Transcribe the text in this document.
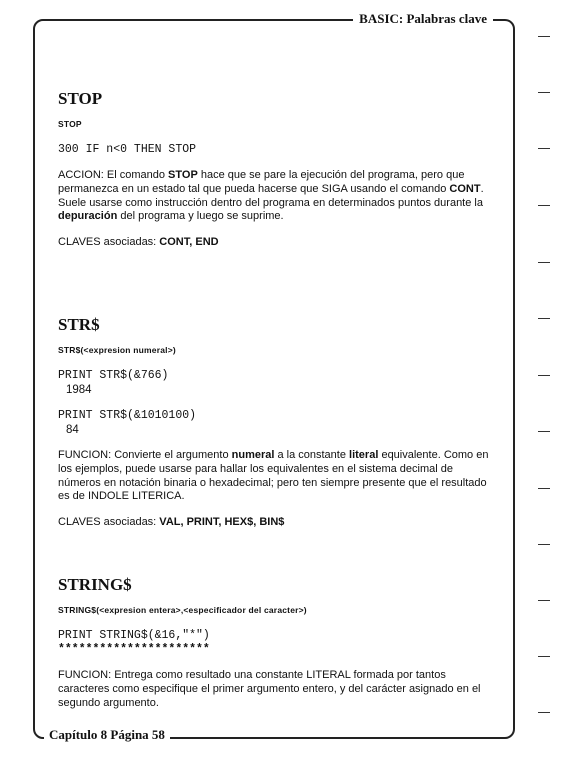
BASIC: Palabras clave
Capítulo 8 Página 58
STOP
STOP
300 IF n<0 THEN STOP

ACCION: El comando STOP hace que se pare la ejecución del programa, pero que permanezca en un estado tal que pueda hacerse que SIGA usando el comando CONT. Suele usarse como instrucción dentro del programa en determinados puntos durante la depuración del programa y luego se suprime.

CLAVES asociadas: CONT, END

STR$
STR$(<expresion numeral>)
PRINT STR$(&766)
1984
PRINT STR$(&1010100)
84

FUNCION: Convierte el argumento numeral a la constante literal equivalente. Como en los ejemplos, puede usarse para hallar los equivalentes en el sistema decimal de números en notación binaria o hexadecimal; pero ten siempre presente que el resultado es de INDOLE LITERICA.

CLAVES asociadas: VAL, PRINT, HEX$, BIN$

STRING$
STRING$(<expresion entera>,<especificador del caracter>)
PRINT STRING$(&16,"*")
**********************

FUNCION: Entrega como resultado una constante LITERAL formada por tantos caracteres como especifique el primer argumento entero, y del carácter asignado en el segundo argumento.
